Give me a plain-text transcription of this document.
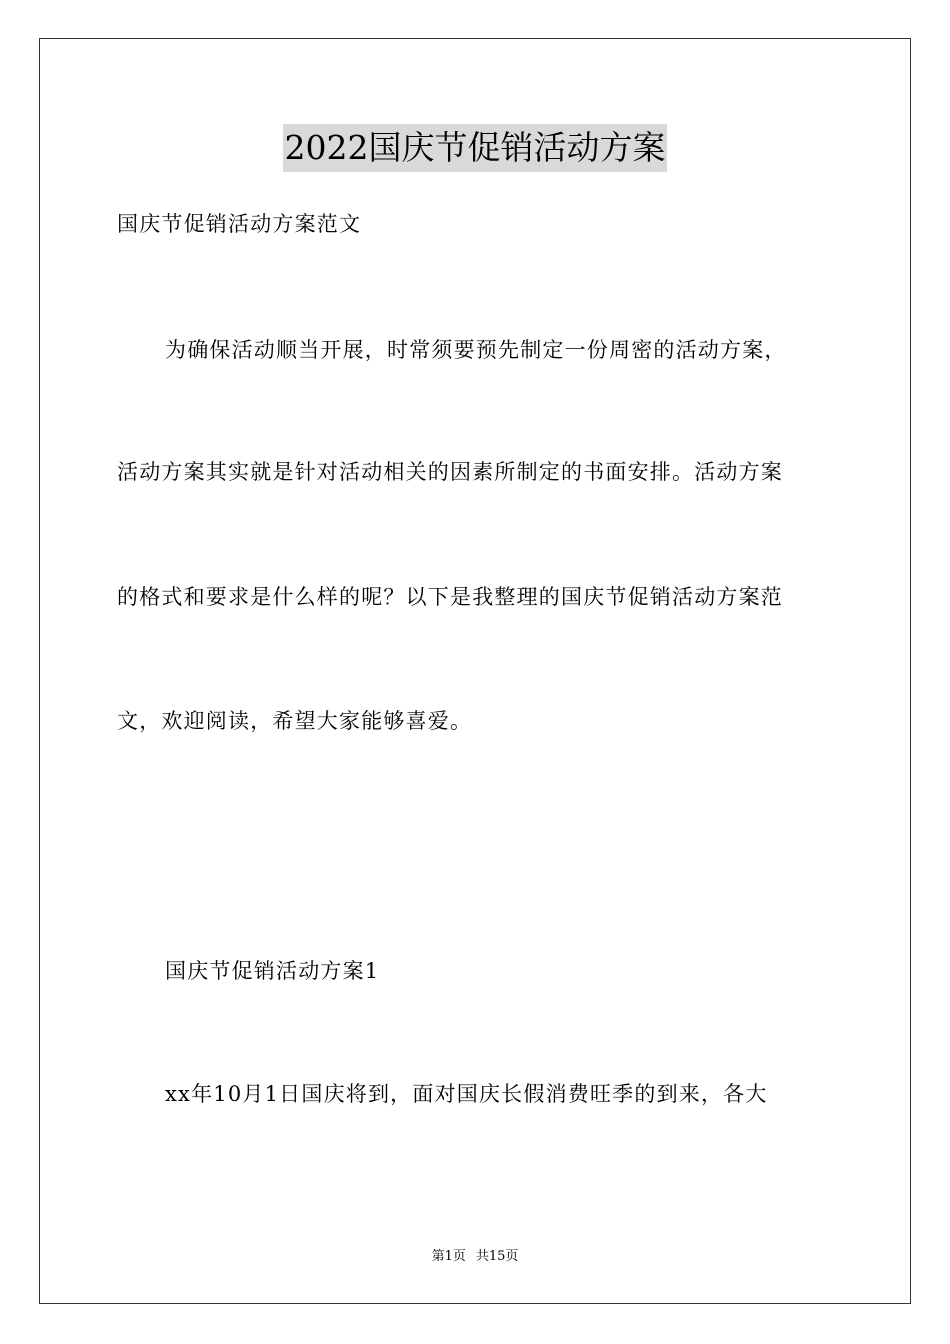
2022国庆节促销活动方案
国庆节促销活动方案范文
为确保活动顺当开展，时常须要预先制定一份周密的活动方案，
活动方案其实就是针对活动相关的因素所制定的书面安排。活动方案
的格式和要求是什么样的呢？以下是我整理的国庆节促销活动方案范
文，欢迎阅读，希望大家能够喜爱。
国庆节促销活动方案1
xx年10月1日国庆将到，面对国庆长假消费旺季的到来，各大
第1页 共15页
